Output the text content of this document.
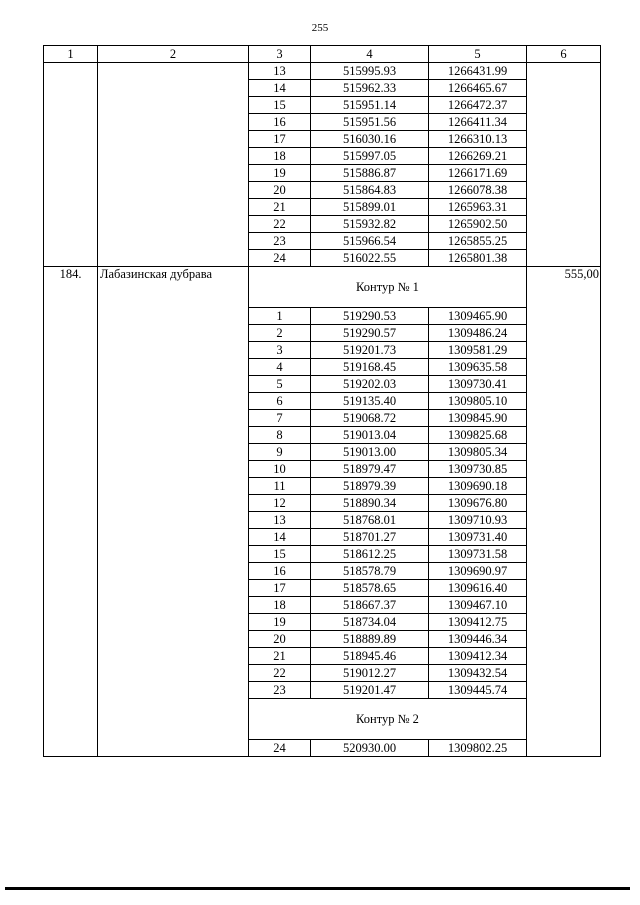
255
1	2	3	4	5	6
		13	515995.93	1266431.99	
		14	515962.33	1266465.67	
		15	515951.14	1266472.37	
		16	515951.56	1266411.34	
		17	516030.16	1266310.13	
		18	515997.05	1266269.21	
		19	515886.87	1266171.69	
		20	515864.83	1266078.38	
		21	515899.01	1265963.31	
		22	515932.82	1265902.50	
		23	515966.54	1265855.25	
		24	516022.55	1265801.38	
184.	Лабазинская дубрава	Контур № 1			555,00
		1	519290.53	1309465.90	
		2	519290.57	1309486.24	
		3	519201.73	1309581.29	
		4	519168.45	1309635.58	
		5	519202.03	1309730.41	
		6	519135.40	1309805.10	
		7	519068.72	1309845.90	
		8	519013.04	1309825.68	
		9	519013.00	1309805.34	
		10	518979.47	1309730.85	
		11	518979.39	1309690.18	
		12	518890.34	1309676.80	
		13	518768.01	1309710.93	
		14	518701.27	1309731.40	
		15	518612.25	1309731.58	
		16	518578.79	1309690.97	
		17	518578.65	1309616.40	
		18	518667.37	1309467.10	
		19	518734.04	1309412.75	
		20	518889.89	1309446.34	
		21	518945.46	1309412.34	
		22	519012.27	1309432.54	
		23	519201.47	1309445.74	
		Контур № 2			
		24	520930.00	1309802.25	
